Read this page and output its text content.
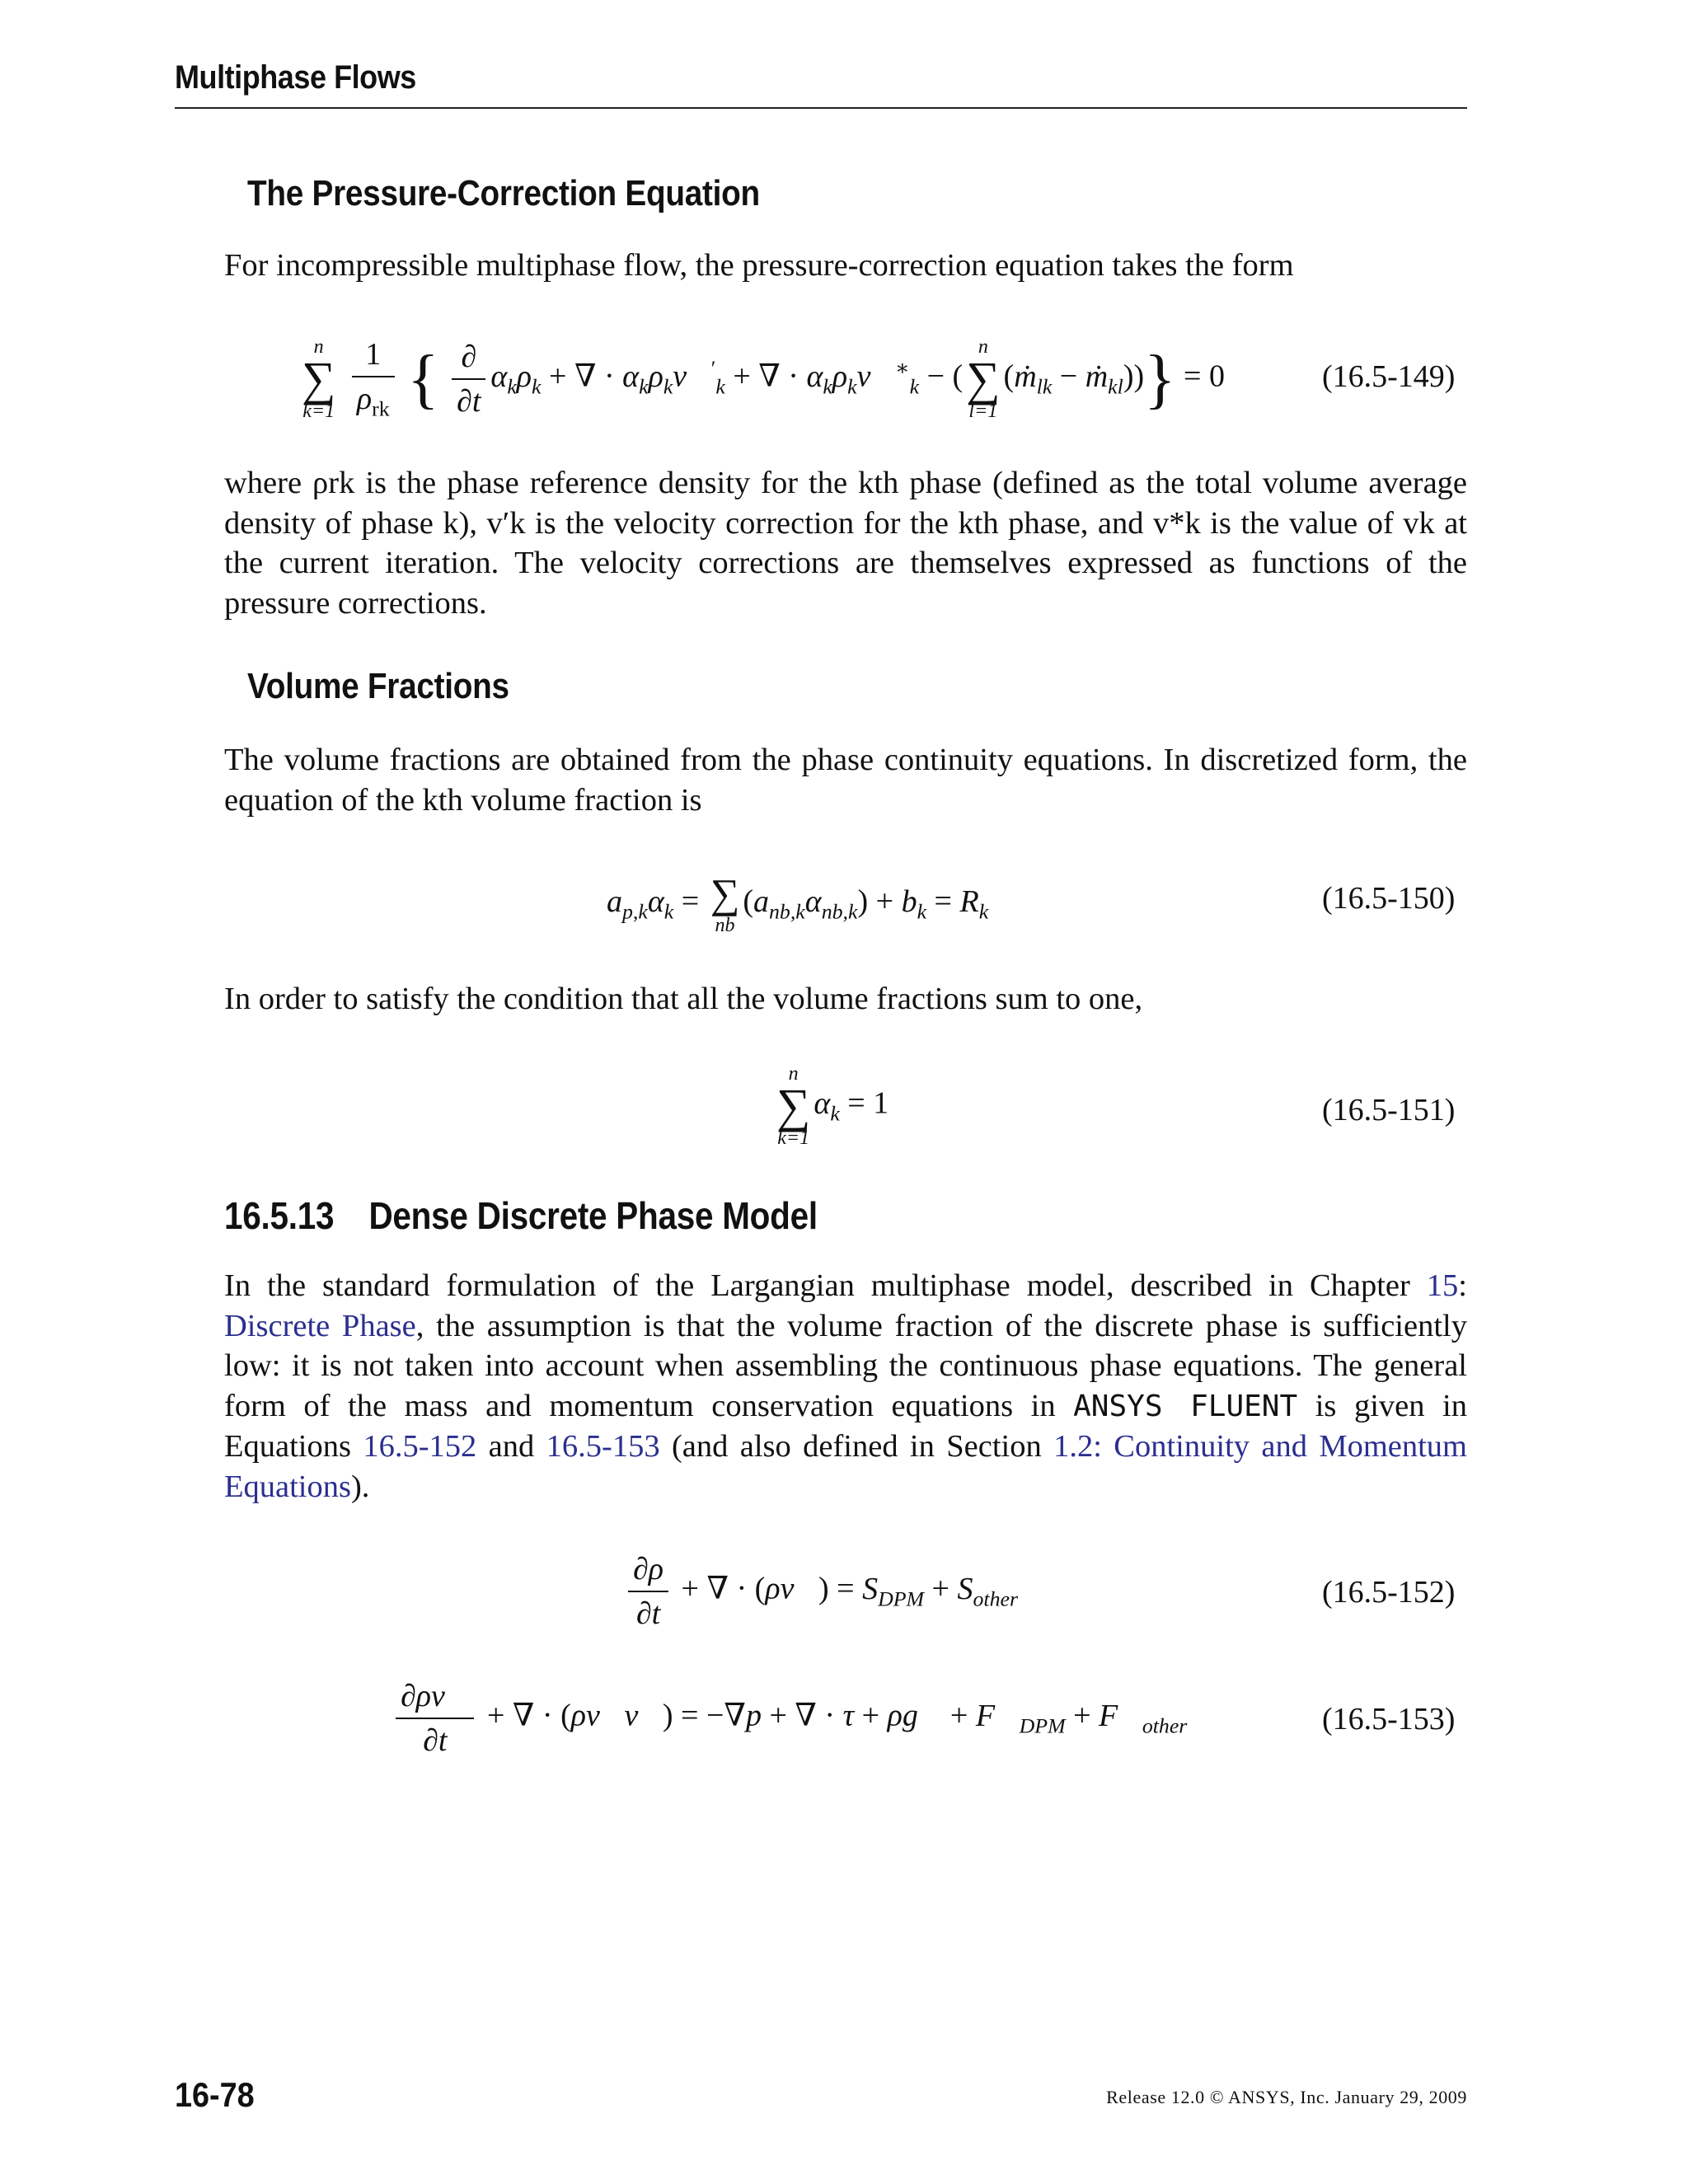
Multiphase Flows
The Pressure-Correction Equation

For incompressible multiphase flow, the pressure-correction equation takes the form

n
∑
k=1
$\frac{1}{\rho_{rk}}$ { $\frac{\partial}{\partial t} \alpha_k\rho_k$ + ∇ · $\alpha_k\rho_kv⃗'_k$ + ∇ · $\alpha_k\rho_kv⃗^∗_k$ − (
n
∑
l=1
(ṁ$_{lk}$ − ṁ$_{kl}$))} = 0	(16.5-149)

where ρrk is the phase reference density for the kth phase (defined as the total volume average density of phase k), v′k is the velocity correction for the kth phase, and v*k is the value of vk at the current iteration. The velocity corrections are themselves expressed as functions of the pressure corrections.

Volume Fractions

The volume fractions are obtained from the phase continuity equations. In discretized form, the equation of the kth volume fraction is

$a_{p,k}\alpha_k$ = ∑
nb
$(a_{nb,k}\alpha_{nb,k}) + b_k = R_k$	(16.5-150)

In order to satisfy the condition that all the volume fractions sum to one,

n
∑
k=1
$\alpha_k = 1$	(16.5-151)
16.5.13 Dense Discrete Phase Model

In the standard formulation of the Largangian multiphase model, described in Chapter 15: Discrete Phase, the assumption is that the volume fraction of the discrete phase is sufficiently low: it is not taken into account when assembling the continuous phase equations. The general form of the mass and momentum conservation equations in ANSYS FLUENT is given in Equations 16.5-152 and 16.5-153 (and also defined in Section 1.2: Continuity and Momentum Equations).

$\frac{\partial\rho}{\partial t}$ + ∇ · (ρv⃗) = $S_{DPM} + S_{other}$	(16.5-152)
$\frac{\partial\rho v⃗}{\partial t}$ + ∇ · (ρv⃗v⃗) = −∇p + ∇ · τ + ρg⃗ + $F⃗_{DPM}$ + $F⃗_{other}$	(16.5-153)
16-78	Release 12.0 © ANSYS, Inc. January 29, 2009
